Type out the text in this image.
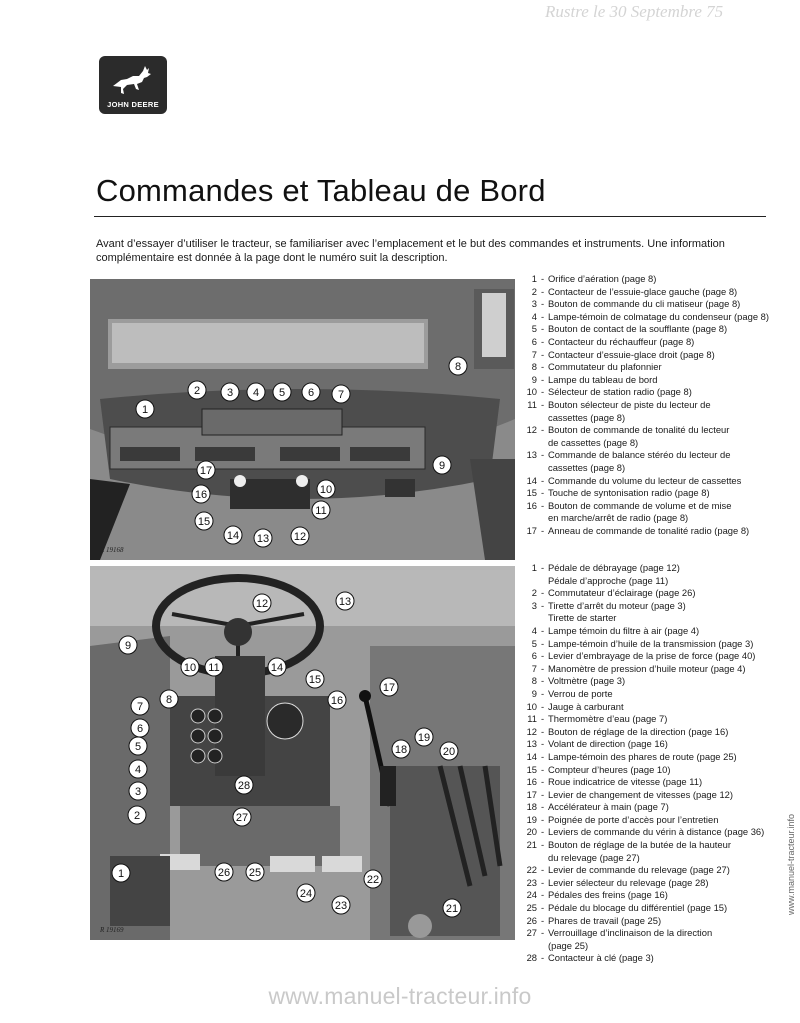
Rustre le 30 Septembre 75
JOHN DEERE
Commandes et Tableau de Bord

Avant d’essayer d’utiliser le tracteur, se familiariser avec l’emplacement et le but des commandes et instruments. Une information complémentaire est donnée à la page dont le numéro suit la description.

1
2 3 4 5 6 7
8
9
10
11
12
13
14
15
16
17
R 19168
1
2
3
4
5
6
7
8
9
10 11
12	13
14
15
16
17
18
19
20
21
22
23
24
25
26
27
28
R 19169
1 - Orifice d’aération (page 8)
2 - Contacteur de l’essuie-glace gauche (page 8)
3 - Bouton de commande du cli matiseur (page 8)
4 - Lampe-témoin de colmatage du condenseur (page 8)
5 - Bouton de contact de la soufflante (page 8)
6 - Contacteur du réchauffeur (page 8)
7 - Contacteur d’essuie-glace droit (page 8)
8 - Commutateur du plafonnier
9 - Lampe du tableau de bord
10 - Sélecteur de station radio (page 8)
11 - Bouton sélecteur de piste du lecteur de
cassettes (page 8)
12 - Bouton de commande de tonalité du lecteur
de cassettes (page 8)
13 - Commande de balance stéréo du lecteur de
cassettes (page 8)
14 - Commande du volume du lecteur de cassettes
15 - Touche de syntonisation radio (page 8)
16 - Bouton de commande de volume et de mise
en marche/arrêt de radio (page 8)
17 - Anneau de commande de tonalité radio (page 8)
1 - Pédale de débrayage (page 12)
Pédale d’approche (page 11)
2 - Commutateur d’éclairage (page 26)
3 - Tirette d’arrêt du moteur (page 3)
Tirette de starter
4 - Lampe témoin du filtre à air (page 4)
5 - Lampe-témoin d’huile de la transmission (page 3)
6 - Levier d’embrayage de la prise de force (page 40)
7 - Manomètre de pression d’huile moteur (page 4)
8 - Voltmètre (page 3)
9 - Verrou de porte
10 - Jauge à carburant
11 - Thermomètre d’eau (page 7)
12 - Bouton de réglage de la direction (page 16)
13 - Volant de direction (page 16)
14 - Lampe-témoin des phares de route (page 25)
15 - Compteur d’heures (page 10)
16 - Roue indicatrice de vitesse (page 11)
17 - Levier de changement de vitesses (page 12)
18 - Accélérateur à main (page 7)
19 - Poignée de porte d’accès pour l’entretien
20 - Leviers de commande du vérin à distance (page 36)
21 - Bouton de réglage de la butée de la hauteur
du relevage (page 27)
22 - Levier de commande du relevage (page 27)
23 - Levier sélecteur du relevage (page 28)
24 - Pédales des freins (page 16)
25 - Pédale du blocage du différentiel (page 15)
26 - Phares de travail (page 25)
27 - Verrouillage d’inclinaison de la direction
(page 25)
28 - Contacteur à clé (page 3)
www.manuel-tracteur.info
www.manuel-tracteur.info
